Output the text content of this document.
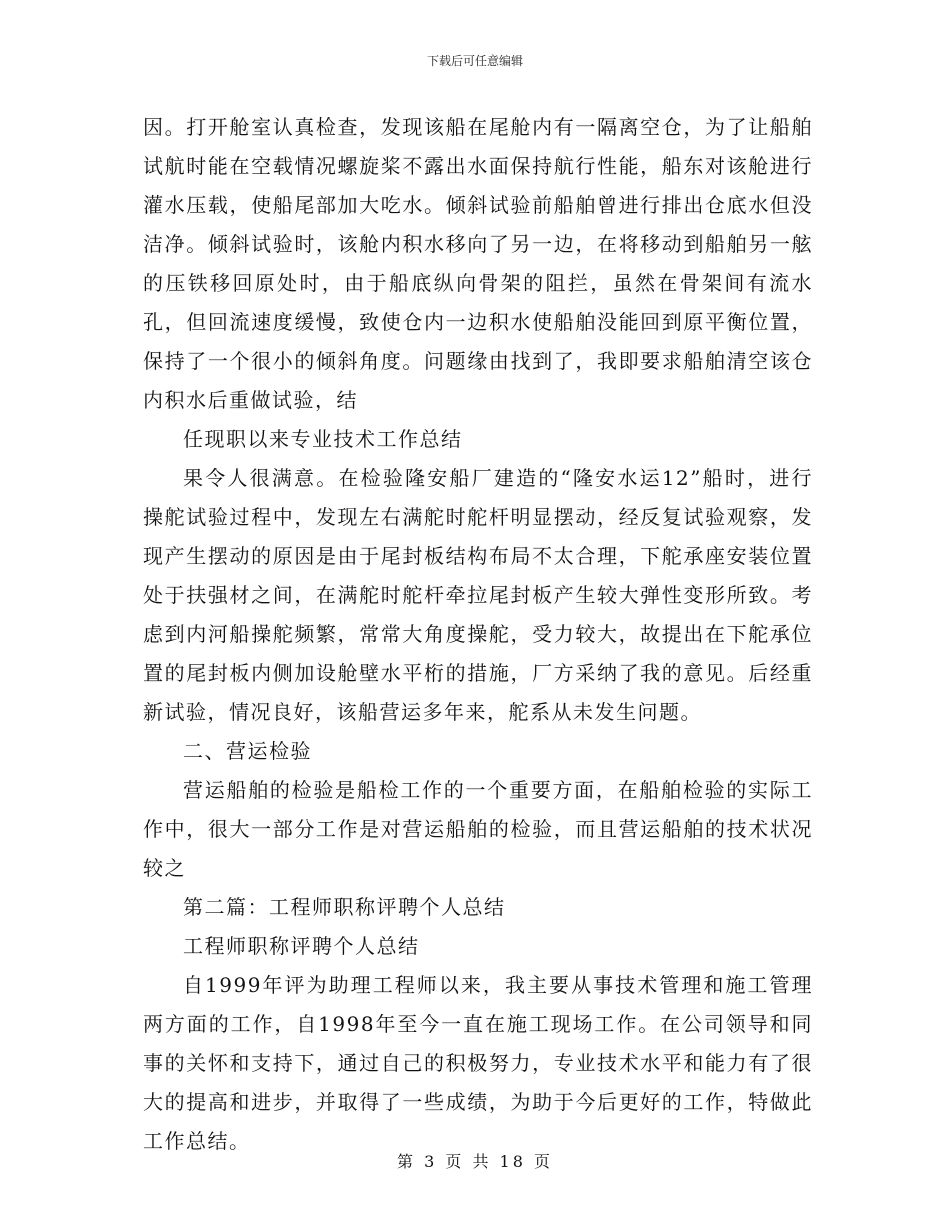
下载后可任意编辑

因。打开舱室认真检查，发现该船在尾舱内有一隔离空仓，为了让船舶试航时能在空载情况螺旋桨不露出水面保持航行性能，船东对该舱进行灌水压载，使船尾部加大吃水。倾斜试验前船舶曾进行排出仓底水但没洁净。倾斜试验时，该舱内积水移向了另一边，在将移动到船舶另一舷的压铁移回原处时，由于船底纵向骨架的阻拦，虽然在骨架间有流水孔，但回流速度缓慢，致使仓内一边积水使船舶没能回到原平衡位置，保持了一个很小的倾斜角度。问题缘由找到了，我即要求船舶清空该仓内积水后重做试验，结

任现职以来专业技术工作总结

果令人很满意。在检验隆安船厂建造的“隆安水运12”船时，进行操舵试验过程中，发现左右满舵时舵杆明显摆动，经反复试验观察，发现产生摆动的原因是由于尾封板结构布局不太合理，下舵承座安装位置处于扶强材之间，在满舵时舵杆牵拉尾封板产生较大弹性变形所致。考虑到内河船操舵频繁，常常大角度操舵，受力较大，故提出在下舵承位置的尾封板内侧加设舱壁水平桁的措施，厂方采纳了我的意见。后经重新试验，情况良好，该船营运多年来，舵系从未发生问题。

二、营运检验

营运船舶的检验是船检工作的一个重要方面，在船舶检验的实际工作中，很大一部分工作是对营运船舶的检验，而且营运船舶的技术状况较之

第二篇：工程师职称评聘个人总结

工程师职称评聘个人总结

自1999年评为助理工程师以来，我主要从事技术管理和施工管理两方面的工作，自1998年至今一直在施工现场工作。在公司领导和同事的关怀和支持下，通过自己的积极努力，专业技术水平和能力有了很大的提高和进步，并取得了一些成绩，为助于今后更好的工作，特做此工作总结。

第 3 页 共 18 页
